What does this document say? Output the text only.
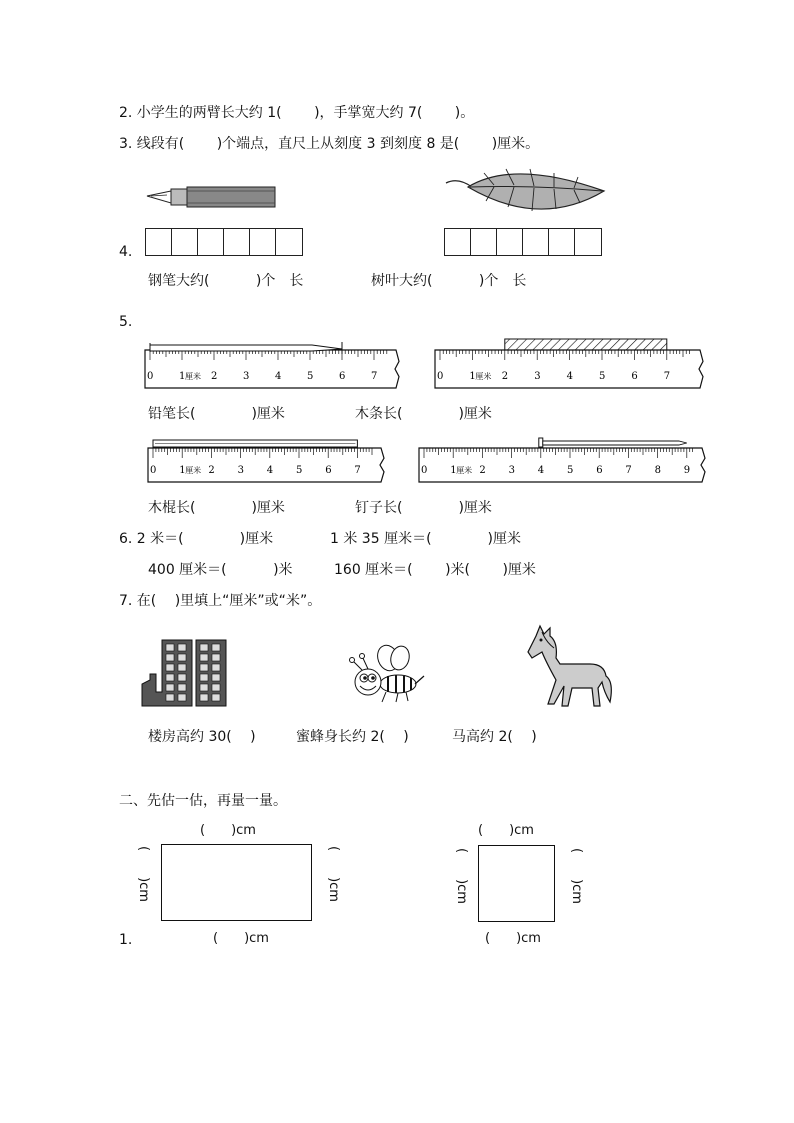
2. 小学生的两臂长大约 1(　　 )，手掌宽大约 7(　　 )。
3. 线段有(　　 )个端点，直尺上从刻度 3 到刻度 8 是(　　 )厘米。
4.
钢笔大约(　　　 )个　长	树叶大约(　　　 )个　长
5.
0	1 厘米 2	3	4	5	6	7	0	1 厘米 2	3	4	5	6	7
0 1 厘米 2 3 4 5 6 7	0 1 厘米 2 3 4 5 6 7 8 9
铅笔长(　　　　)厘米	木条长(　　　　)厘米
木棍长(　　　　)厘米	钉子长(　　　　)厘米
6. 2 米＝(　　　　)厘米	1 米 35 厘米＝(　　　　)厘米
400 厘米＝(　　　 )米	160 厘米＝(　　 )米(　　 )厘米
7. 在(　 )里填上“厘米”或“米”。
楼房高约 30(　 )	蜜蜂身长约 2(　 )	马高约 2(　 )
二、先估一估，再量一量。
(　　)cm
(　　)cm	(　　)cm
(　　)cm
1.
(　　)cm
(　　)cm	(　　)cm
(　　)cm
